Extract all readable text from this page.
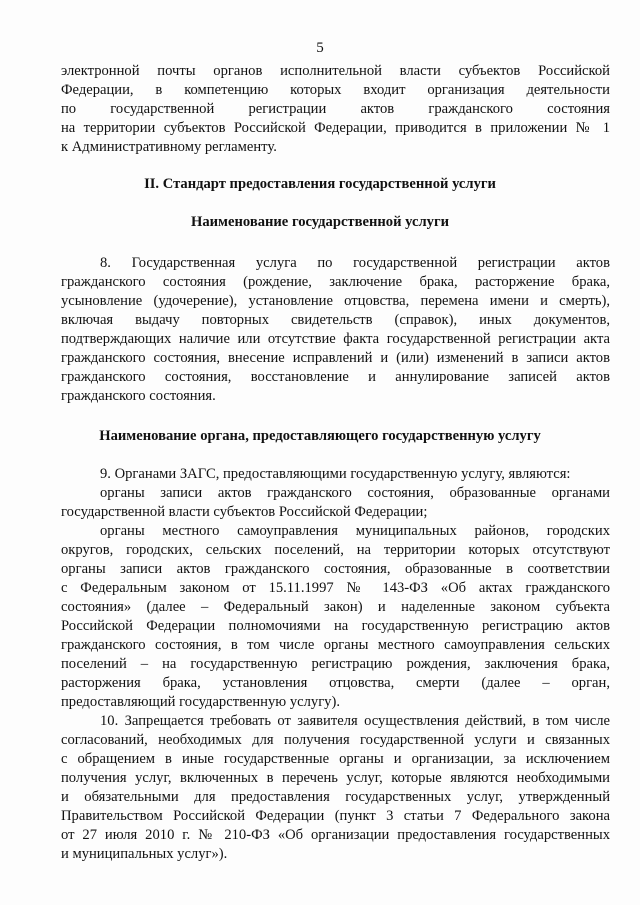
5
электронной почты органов исполнительной власти субъектов Российской
Федерации, в компетенцию которых входит организация деятельности
по государственной регистрации актов гражданского состояния
на территории субъектов Российской Федерации, приводится в приложении № 1
к Административному регламенту.
II. Стандарт предоставления государственной услуги
Наименование государственной услуги
8. Государственная услуга по государственной регистрации актов
гражданского состояния (рождение, заключение брака, расторжение брака,
усыновление (удочерение), установление отцовства, перемена имени и смерть),
включая выдачу повторных свидетельств (справок), иных документов,
подтверждающих наличие или отсутствие факта государственной регистрации акта
гражданского состояния, внесение исправлений и (или) изменений в записи актов
гражданского состояния, восстановление и аннулирование записей актов
гражданского состояния.
Наименование органа, предоставляющего государственную услугу
9. Органами ЗАГС, предоставляющими государственную услугу, являются:
органы записи актов гражданского состояния, образованные органами
государственной власти субъектов Российской Федерации;
органы местного самоуправления муниципальных районов, городских
округов, городских, сельских поселений, на территории которых отсутствуют
органы записи актов гражданского состояния, образованные в соответствии
с Федеральным законом от 15.11.1997 № 143-ФЗ «Об актах гражданского
состояния» (далее – Федеральный закон) и наделенные законом субъекта
Российской Федерации полномочиями на государственную регистрацию актов
гражданского состояния, в том числе органы местного самоуправления сельских
поселений – на государственную регистрацию рождения, заключения брака,
расторжения брака, установления отцовства, смерти (далее – орган,
предоставляющий государственную услугу).
10. Запрещается требовать от заявителя осуществления действий, в том числе
согласований, необходимых для получения государственной услуги и связанных
с обращением в иные государственные органы и организации, за исключением
получения услуг, включенных в перечень услуг, которые являются необходимыми
и обязательными для предоставления государственных услуг, утвержденный
Правительством Российской Федерации (пункт 3 статьи 7 Федерального закона
от 27 июля 2010 г. № 210-ФЗ «Об организации предоставления государственных
и муниципальных услуг»).
